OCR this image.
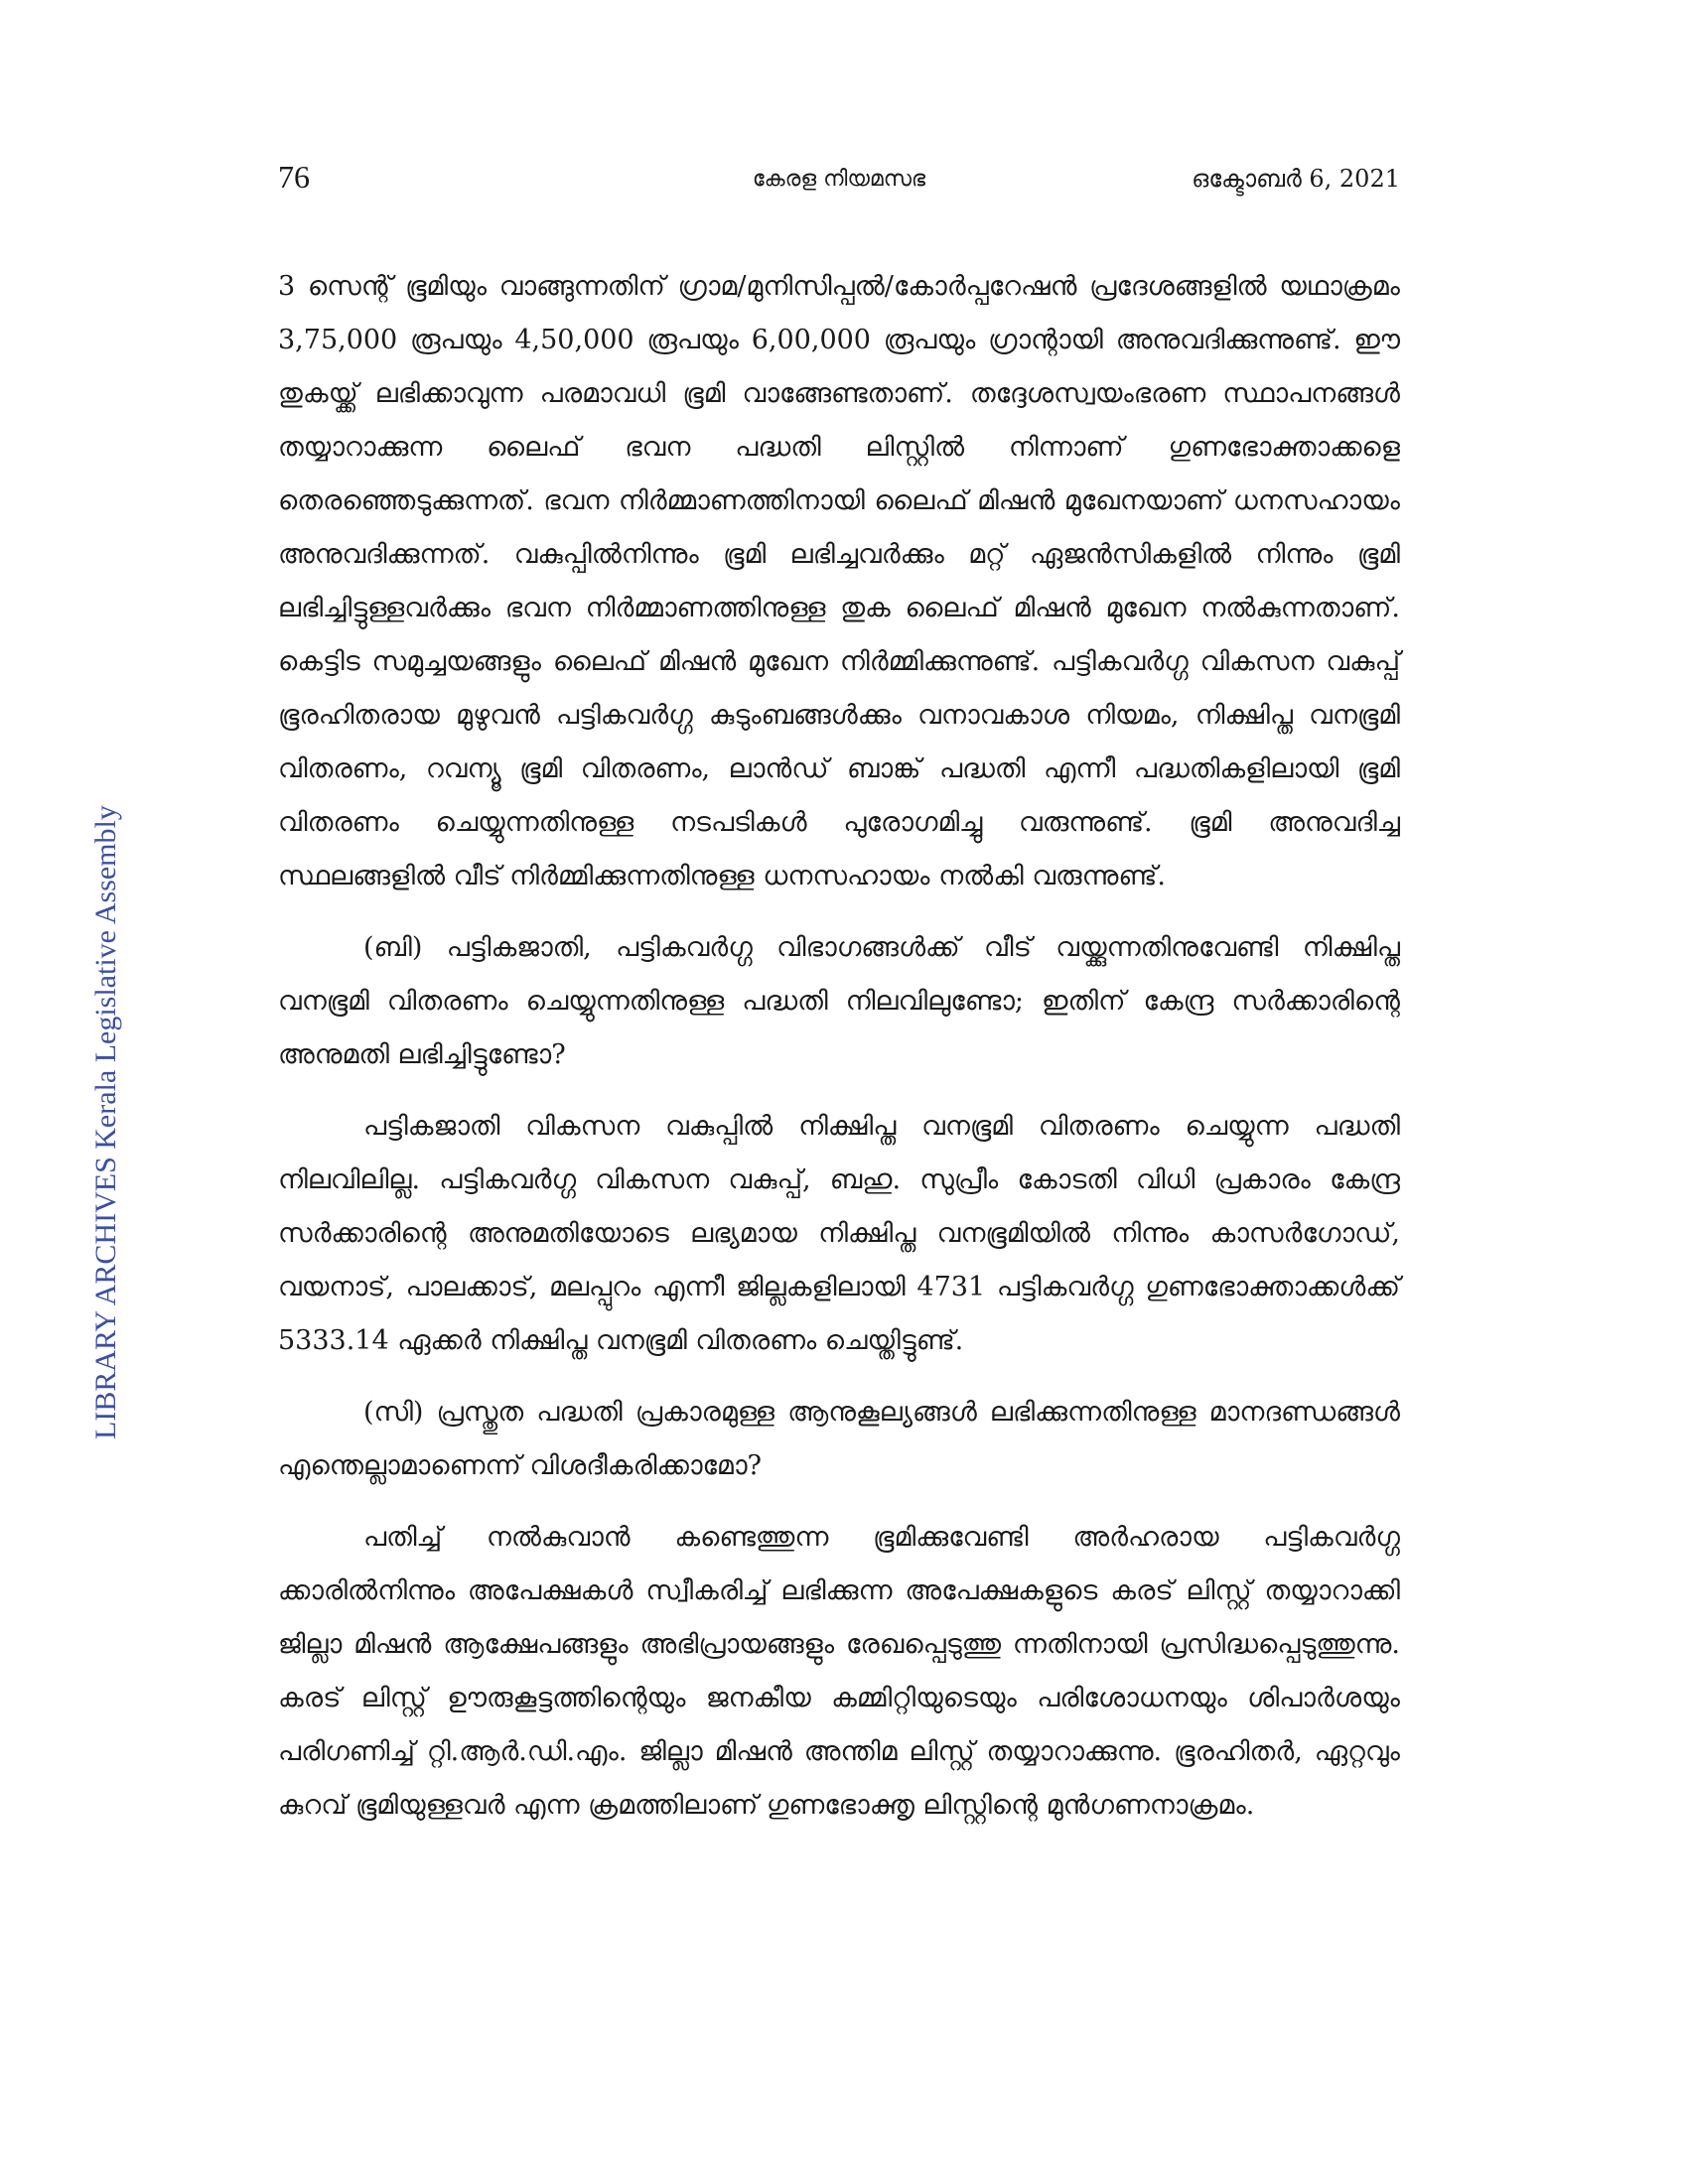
76	കേരള നിയമസഭ	ഒക്ടോബർ 6, 2021
LIBRARY ARCHIVES Kerala Legislative Assembly

3 സെന്റ് ഭൂമിയും വാങ്ങുന്നതിന് ഗ്രാമ/മുനിസിപ്പൽ/കോർപ്പറേഷൻ പ്രദേശങ്ങളിൽ യഥാക്രമം 3,75,000 രൂപയും 4,50,000 രൂപയും 6,00,000 രൂപയും ഗ്രാന്റായി അനുവദിക്കുന്നുണ്ട്. ഈ തുകയ്ക്ക് ലഭിക്കാവുന്ന പരമാവധി ഭൂമി വാങ്ങേണ്ടതാണ്. തദ്ദേശസ്വയംഭരണ സ്ഥാപനങ്ങൾ തയ്യാറാക്കുന്ന ലൈഫ് ഭവന പദ്ധതി ലിസ്റ്റിൽ നിന്നാണ് ഗുണഭോക്താക്കളെ തെരഞ്ഞെടുക്കുന്നത്. ഭവന നിർമ്മാണത്തിനായി ലൈഫ് മിഷൻ മുഖേനയാണ് ധനസഹായം അനുവദിക്കുന്നത്. വകുപ്പിൽനിന്നും ഭൂമി ലഭിച്ചവർക്കും മറ്റ് ഏജൻസികളിൽ നിന്നും ഭൂമി ലഭിച്ചിട്ടുള്ളവർക്കും ഭവന നിർമ്മാണത്തിനുള്ള തുക ലൈഫ് മിഷൻ മുഖേന നൽകുന്നതാണ്. കെട്ടിട സമുച്ചയങ്ങളും ലൈഫ് മിഷൻ മുഖേന നിർമ്മിക്കുന്നുണ്ട്. പട്ടികവർഗ്ഗ വികസന വകുപ്പ് ഭൂരഹിതരായ മുഴുവൻ പട്ടികവർഗ്ഗ കുടുംബങ്ങൾക്കും വനാവകാശ നിയമം, നിക്ഷിപ്ത വനഭൂമി വിതരണം, റവന്യൂ ഭൂമി വിതരണം, ലാൻഡ് ബാങ്ക് പദ്ധതി എന്നീ പദ്ധതികളിലായി ഭൂമി വിതരണം ചെയ്യുന്നതിനുള്ള നടപടികൾ പുരോഗമിച്ചു വരുന്നുണ്ട്. ഭൂമി അനുവദിച്ച സ്ഥലങ്ങളിൽ വീട് നിർമ്മിക്കുന്നതിനുള്ള ധനസഹായം നൽകി വരുന്നുണ്ട്.

(ബി) പട്ടികജാതി, പട്ടികവർഗ്ഗ വിഭാഗങ്ങൾക്ക് വീട് വയ്ക്കുന്നതിനുവേണ്ടി നിക്ഷിപ്ത വനഭൂമി വിതരണം ചെയ്യുന്നതിനുള്ള പദ്ധതി നിലവിലുണ്ടോ; ഇതിന് കേന്ദ്ര സർക്കാരിന്റെ അനുമതി ലഭിച്ചിട്ടുണ്ടോ?

പട്ടികജാതി വികസന വകുപ്പിൽ നിക്ഷിപ്ത വനഭൂമി വിതരണം ചെയ്യുന്ന പദ്ധതി നിലവിലില്ല. പട്ടികവർഗ്ഗ വികസന വകുപ്പ്, ബഹു. സുപ്രീം കോടതി വിധി പ്രകാരം കേന്ദ്ര സർക്കാരിന്റെ അനുമതിയോടെ ലഭ്യമായ നിക്ഷിപ്ത വനഭൂമിയിൽ നിന്നും കാസർഗോഡ്, വയനാട്, പാലക്കാട്, മലപ്പുറം എന്നീ ജില്ലകളിലായി 4731 പട്ടികവർഗ്ഗ ഗുണഭോക്താക്കൾക്ക് 5333.14 ഏക്കർ നിക്ഷിപ്ത വനഭൂമി വിതരണം ചെയ്തിട്ടുണ്ട്.

(സി) പ്രസ്തുത പദ്ധതി പ്രകാരമുള്ള ആനുകൂല്യങ്ങൾ ലഭിക്കുന്നതിനുള്ള മാനദണ്ഡങ്ങൾ എന്തെല്ലാമാണെന്ന് വിശദീകരിക്കാമോ?

പതിച്ച് നൽകുവാൻ കണ്ടെത്തുന്ന ഭൂമിക്കുവേണ്ടി അർഹരായ പട്ടികവർഗ്ഗ ക്കാരിൽനിന്നും അപേക്ഷകൾ സ്വീകരിച്ച് ലഭിക്കുന്ന അപേക്ഷകളുടെ കരട് ലിസ്റ്റ് തയ്യാറാക്കി ജില്ലാ മിഷൻ ആക്ഷേപങ്ങളും അഭിപ്രായങ്ങളും രേഖപ്പെടുത്തു ന്നതിനായി പ്രസിദ്ധപ്പെടുത്തുന്നു. കരട് ലിസ്റ്റ് ഊരുകൂട്ടത്തിന്റെയും ജനകീയ കമ്മിറ്റിയുടെയും പരിശോധനയും ശിപാർശയും പരിഗണിച്ച് റ്റി.ആർ.ഡി.എം. ജില്ലാ മിഷൻ അന്തിമ ലിസ്റ്റ് തയ്യാറാക്കുന്നു. ഭൂരഹിതർ, ഏറ്റവും കുറവ് ഭൂമിയുള്ളവർ എന്ന ക്രമത്തിലാണ് ഗുണഭോക്തൃ ലിസ്റ്റിന്റെ മുൻഗണനാക്രമം.
